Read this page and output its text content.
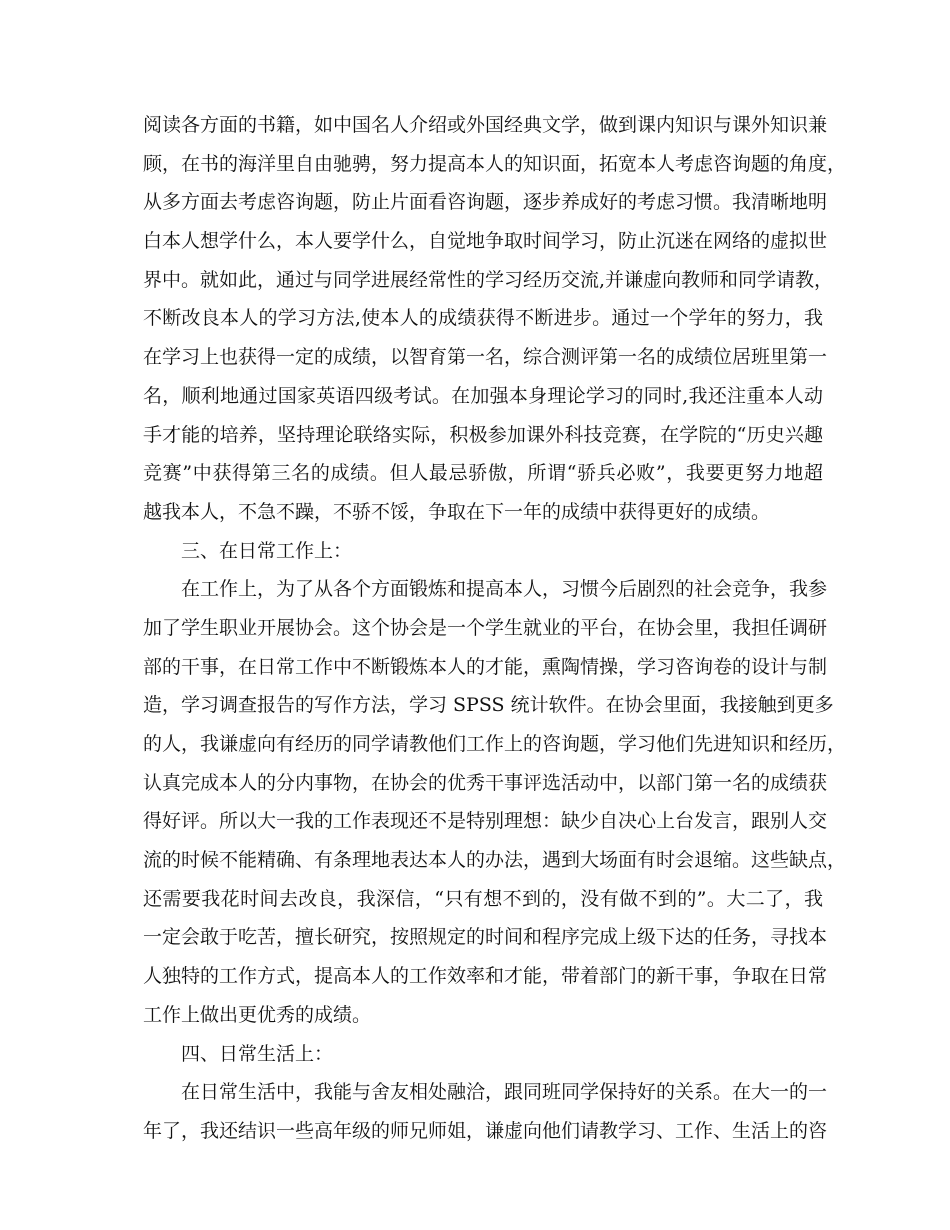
阅读各方面的书籍，如中国名人介绍或外国经典文学，做到课内知识与课外知识兼
顾，在书的海洋里自由驰骋，努力提高本人的知识面，拓宽本人考虑咨询题的角度，
从多方面去考虑咨询题，防止片面看咨询题，逐步养成好的考虑习惯。我清晰地明
白本人想学什么，本人要学什么，自觉地争取时间学习，防止沉迷在网络的虚拟世
界中。就如此，通过与同学进展经常性的学习经历交流,并谦虚向教师和同学请教，
不断改良本人的学习方法,使本人的成绩获得不断进步。通过一个学年的努力，我
在学习上也获得一定的成绩，以智育第一名，综合测评第一名的成绩位居班里第一
名，顺利地通过国家英语四级考试。在加强本身理论学习的同时,我还注重本人动
手才能的培养，坚持理论联络实际，积极参加课外科技竞赛，在学院的“历史兴趣
竞赛”中获得第三名的成绩。但人最忌骄傲，所谓“骄兵必败”，我要更努力地超
越我本人，不急不躁，不骄不馁，争取在下一年的成绩中获得更好的成绩。
三、在日常工作上：
在工作上，为了从各个方面锻炼和提高本人，习惯今后剧烈的社会竞争，我参
加了学生职业开展协会。这个协会是一个学生就业的平台，在协会里，我担任调研
部的干事，在日常工作中不断锻炼本人的才能，熏陶情操，学习咨询卷的设计与制
造，学习调查报告的写作方法，学习 SPSS 统计软件。在协会里面，我接触到更多
的人，我谦虚向有经历的同学请教他们工作上的咨询题，学习他们先进知识和经历，
认真完成本人的分内事物，在协会的优秀干事评选活动中，以部门第一名的成绩获
得好评。所以大一我的工作表现还不是特别理想：缺少自决心上台发言，跟别人交
流的时候不能精确、有条理地表达本人的办法，遇到大场面有时会退缩。这些缺点，
还需要我花时间去改良，我深信，“只有想不到的，没有做不到的”。大二了，我
一定会敢于吃苦，擅长研究，按照规定的时间和程序完成上级下达的任务，寻找本
人独特的工作方式，提高本人的工作效率和才能，带着部门的新干事，争取在日常
工作上做出更优秀的成绩。
四、日常生活上：
在日常生活中，我能与舍友相处融洽，跟同班同学保持好的关系。在大一的一
年了，我还结识一些高年级的师兄师姐，谦虚向他们请教学习、工作、生活上的咨
